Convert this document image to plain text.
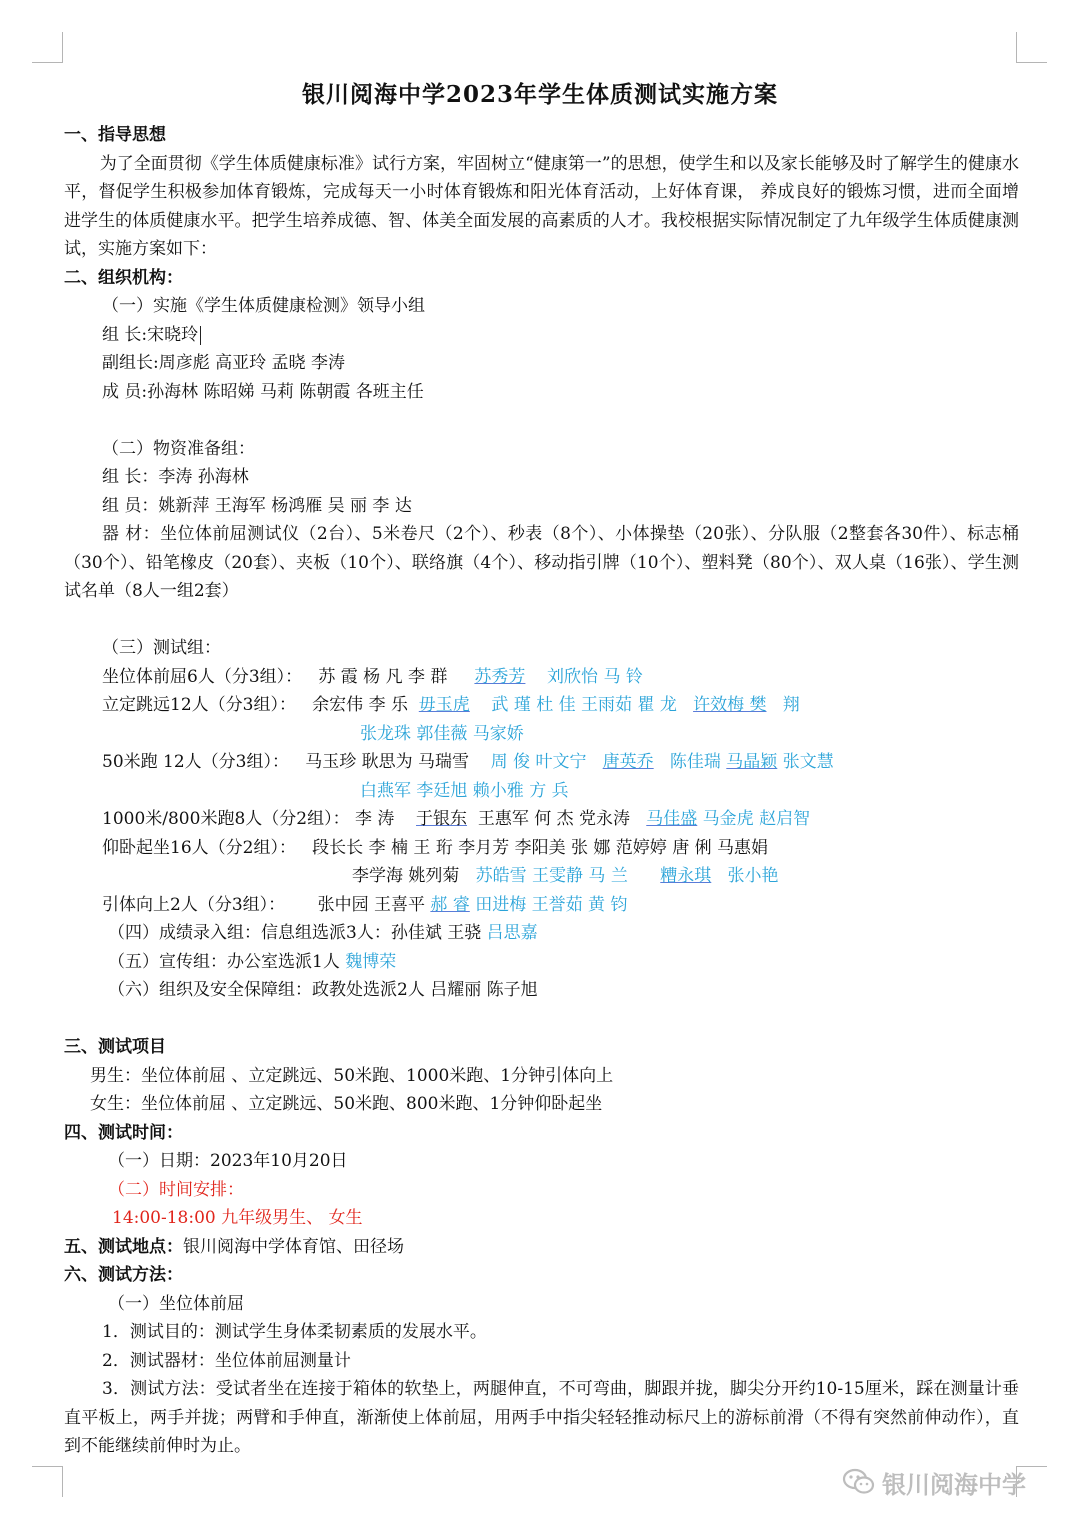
银川阅海中学2023年学生体质测试实施方案
一、指导思想
为了全面贯彻《学生体质健康标准》试行方案，牢固树立“健康第一”的思想，使学生和以及家长能够及时了解学生的健康水平，督促学生积极参加体育锻炼，完成每天一小时体育锻炼和阳光体育活动，上好体育课， 养成良好的锻炼习惯，进而全面增进学生的体质健康水平。把学生培养成德、智、体美全面发展的高素质的人才。我校根据实际情况制定了九年级学生体质健康测试，实施方案如下：
二、组织机构：
（一）实施《学生体质健康检测》领导小组
组 长:宋晓玲
副组长:周彦彪 高亚玲 孟晓 李涛
成 员:孙海林 陈昭娣 马莉 陈朝霞 各班主任
（二）物资准备组：
组 长：李涛 孙海林
组 员：姚新萍 王海军 杨鸿雁 吴 丽 李 达
器 材：坐位体前屈测试仪（2台）、5米卷尺（2个）、秒表（8个）、小体操垫（20张）、分队服（2整套各30件）、标志桶（30个）、铅笔橡皮（20套）、夹板（10个）、联络旗（4个）、移动指引牌（10个）、塑料凳（80个）、双人桌（16张）、学生测试名单（8人一组2套）
（三）测试组：
坐位体前屈6人（分3组）： 苏 霞 杨 凡 李 群 苏秀芳 刘欣怡 马 铃
立定跳远12人（分3组）： 余宏伟 李 乐 毋玉虎 武 瑾 杜 佳 王雨茹 瞿 龙 许效梅 樊 翔
张龙珠 郭佳薇 马家娇
50米跑 12人（分3组）： 马玉珍 耿思为 马瑞雪 周 俊 叶文宁 唐英乔 陈佳瑞 马晶颖 张文慧
白燕军 李廷旭 赖小雅 方 兵
1000米/800米跑8人（分2组）： 李 涛 于银东 王惠军 何 杰 党永涛 马佳盛 马金虎 赵启智
仰卧起坐16人（分2组）： 段长长 李 楠 王 珩 李月芳 李阳美 张 娜 范婷婷 唐 俐 马惠娟
李学海 姚列菊 苏皓雪 王雯静 马 兰 糟永琪 张小艳
引体向上2人（分3组）： 张中园 王喜平 郝 睿 田进梅 王誉茹 黄 钧
（四）成绩录入组：信息组选派3人：孙佳斌 王骁 吕思嘉
（五）宣传组：办公室选派1人 魏博荣
（六）组织及安全保障组：政教处选派2人 吕耀丽 陈子旭
三、测试项目
男生：坐位体前屈 、立定跳远、50米跑、1000米跑、1分钟引体向上
女生：坐位体前屈 、立定跳远、50米跑、800米跑、1分钟仰卧起坐
四、测试时间：
（一）日期：2023年10月20日
（二）时间安排：
14:00-18:00 九年级男生、 女生
五、测试地点：银川阅海中学体育馆、田径场
六、测试方法：
（一）坐位体前屈
1．测试目的：测试学生身体柔韧素质的发展水平。
2．测试器材：坐位体前屈测量计
3．测试方法：受试者坐在连接于箱体的软垫上，两腿伸直，不可弯曲，脚跟并拢，脚尖分开约10-15厘米，踩在测量计垂直平板上，两手并拢；两臂和手伸直，渐渐使上体前屈，用两手中指尖轻轻推动标尺上的游标前滑（不得有突然前伸动作），直到不能继续前伸时为止。
银川阅海中学
